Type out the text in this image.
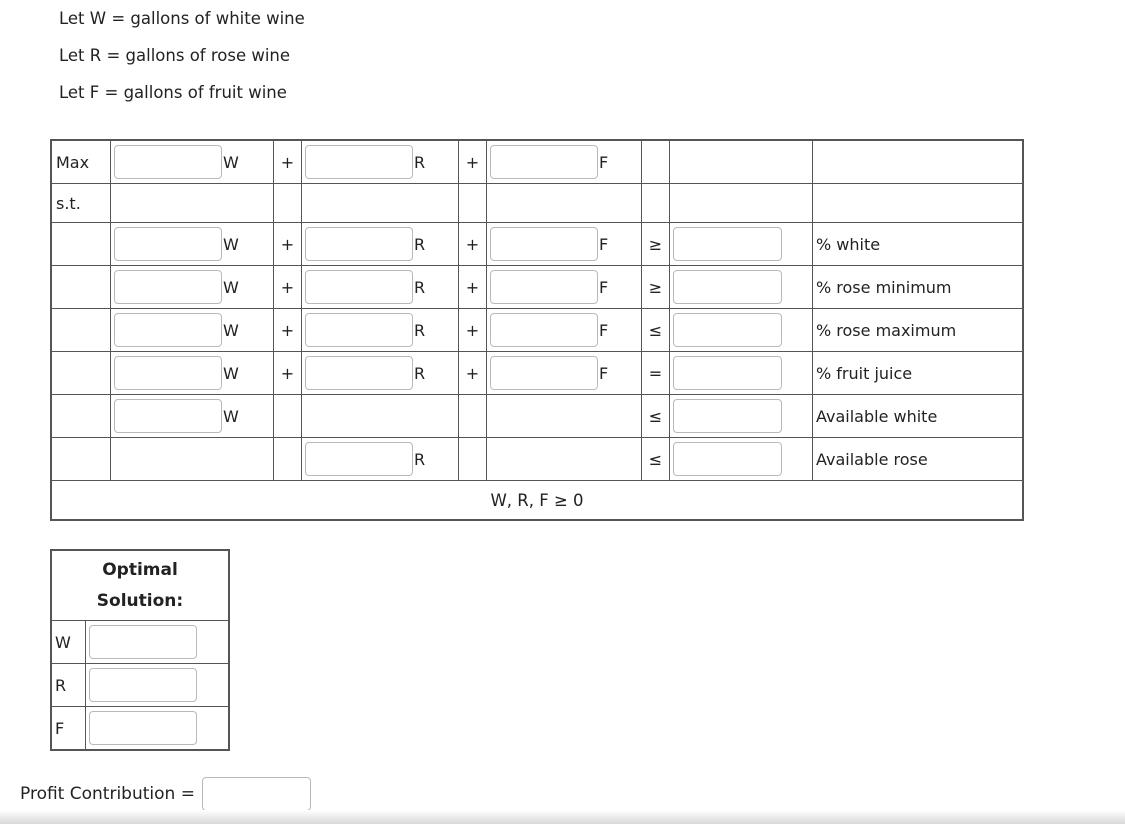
Let W = gallons of white wine

Let R = gallons of rose wine

Let F = gallons of fruit wine

Max	W	+	R	+	F			

s.t.								

	W	+	R	+	F	≥		% white

	W	+	R	+	F	≥		% rose minimum

	W	+	R	+	F	≤		% rose maximum

	W	+	R	+	F	=		% fruit juice

	W					≤		Available white

			R			≤		Available rose
W, R, F ≥ 0								
Optimal
Solution:	
W	

R	

F	
Profit Contribution =
